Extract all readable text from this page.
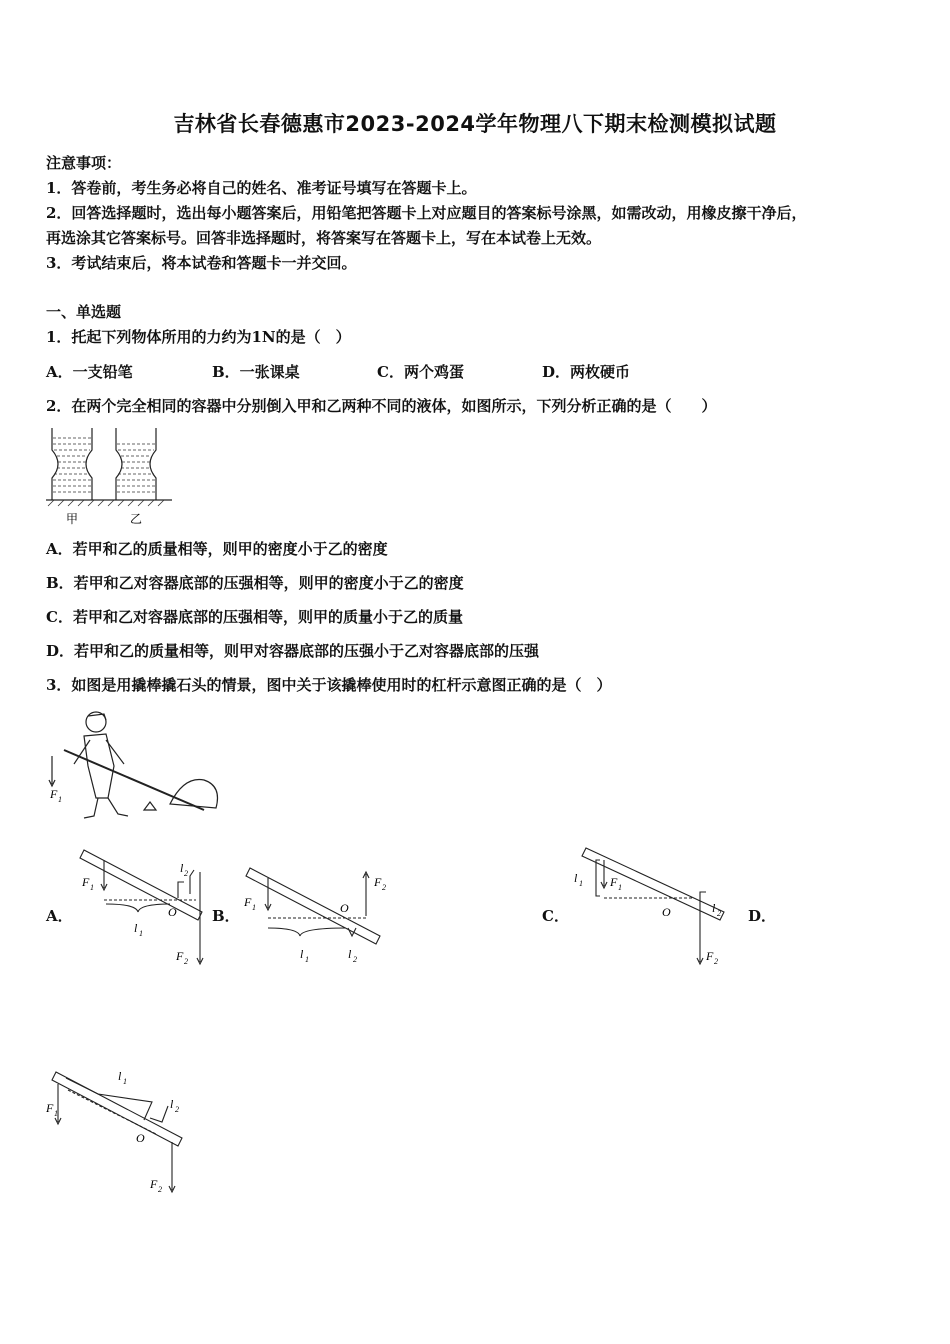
吉林省长春德惠市2023-2024学年物理八下期末检测模拟试题
注意事项：
1．答卷前，考生务必将自己的姓名、准考证号填写在答题卡上。
2．回答选择题时，选出每小题答案后，用铅笔把答题卡上对应题目的答案标号涂黑，如需改动，用橡皮擦干净后，
再选涂其它答案标号。回答非选择题时，将答案写在答题卡上，写在本试卷上无效。
3．考试结束后，将本试卷和答题卡一并交回。
一、单选题
1．托起下列物体所用的力约为1N的是（　）
A．一支铅笔	B．一张课桌	C．两个鸡蛋	D．两枚硬币
2．在两个完全相同的容器中分别倒入甲和乙两种不同的液体，如图所示，下列分析正确的是（　　）
甲	乙
A．若甲和乙的质量相等，则甲的密度小于乙的密度
B．若甲和乙对容器底部的压强相等，则甲的密度小于乙的密度
C．若甲和乙对容器底部的压强相等，则甲的质量小于乙的质量
D．若甲和乙的质量相等，则甲对容器底部的压强小于乙对容器底部的压强
3．如图是用撬棒撬石头的情景，图中关于该撬棒使用时的杠杆示意图正确的是（　）
F 1
A．	B．	C．	D．
F 1
O
l 1
l 2
F 2
F 1	O
F 2
l 1	l 2
F 1
l 1
O	l 2
F 2
F 1
l 1
l 2
O
F 2
